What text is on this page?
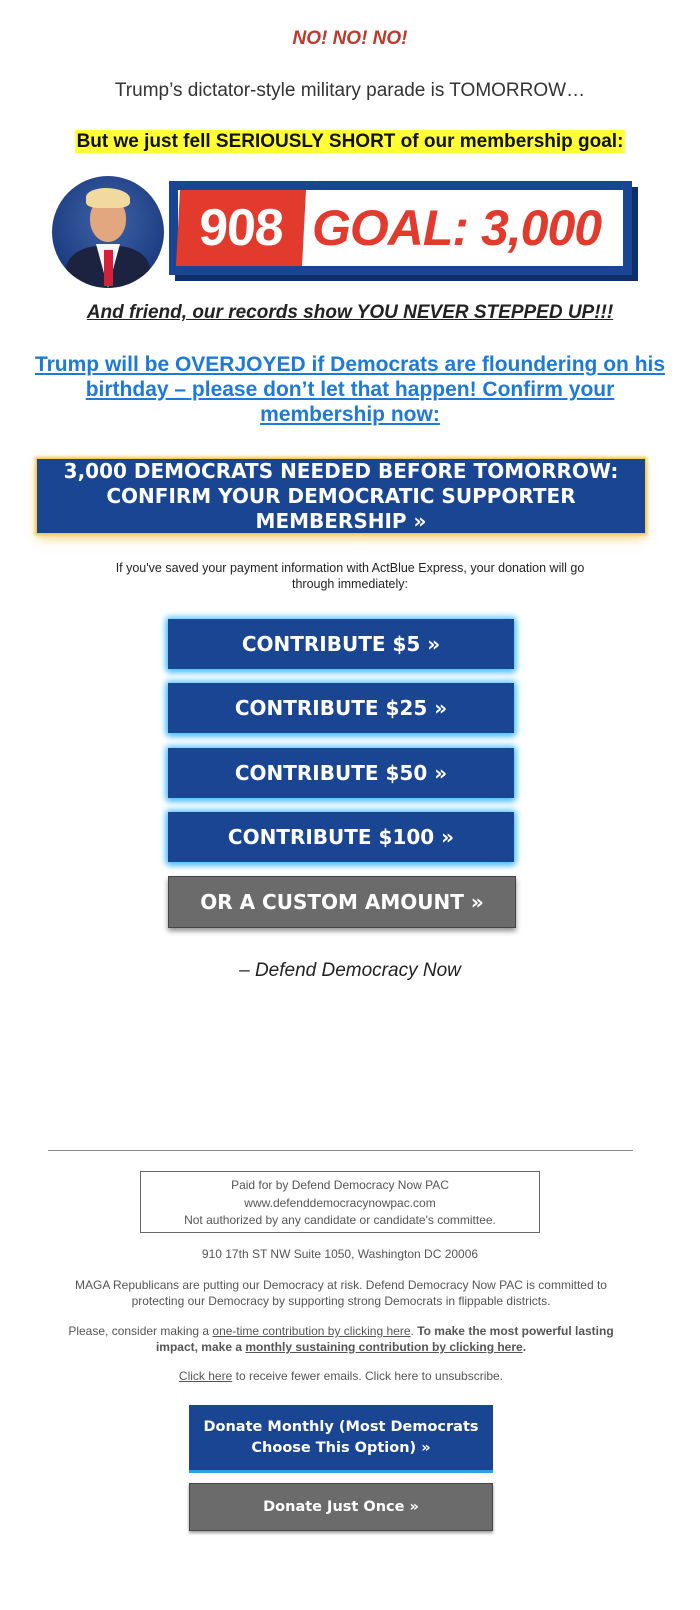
NO! NO! NO!
Trump’s dictator-style military parade is TOMORROW…
But we just fell SERIOUSLY SHORT of our membership goal:
908 GOAL: 3,000
And friend, our records show YOU NEVER STEPPED UP!!!
Trump will be OVERJOYED if Democrats are floundering on his birthday – please don’t let that happen! Confirm your membership now:
3,000 DEMOCRATS NEEDED BEFORE TOMORROW:
CONFIRM YOUR DEMOCRATIC SUPPORTER MEMBERSHIP »
If you've saved your payment information with ActBlue Express, your donation will go through immediately:
CONTRIBUTE $5 »
CONTRIBUTE $25 »
CONTRIBUTE $50 »
CONTRIBUTE $100 »
OR A CUSTOM AMOUNT »
– Defend Democracy Now
Paid for by Defend Democracy Now PAC
www.defenddemocracynowpac.com
Not authorized by any candidate or candidate's committee.
910 17th ST NW Suite 1050, Washington DC 20006
MAGA Republicans are putting our Democracy at risk. Defend Democracy Now PAC is committed to protecting our Democracy by supporting strong Democrats in flippable districts.
Please, consider making a one-time contribution by clicking here. To make the most powerful lasting impact, make a monthly sustaining contribution by clicking here.
Click here to receive fewer emails. Click here to unsubscribe.
Donate Monthly (Most Democrats Choose This Option) »
Donate Just Once »
